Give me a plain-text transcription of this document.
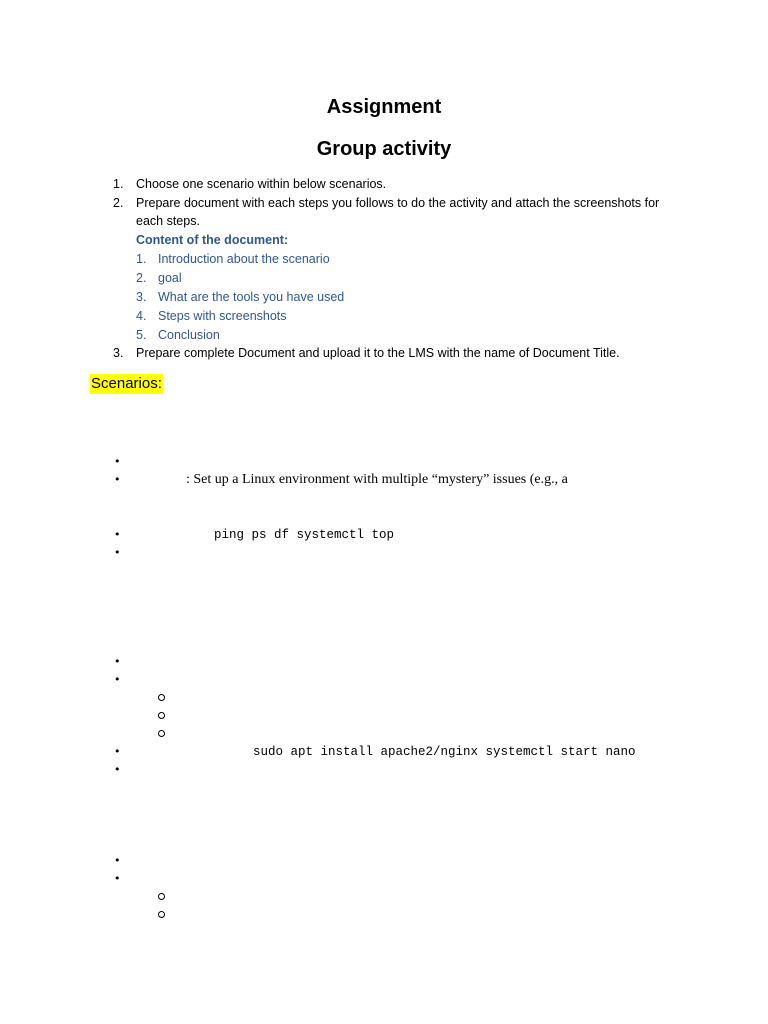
Assignment
Group activity
1.	Choose one scenario within below scenarios.
2.	Prepare document with each steps you follows to do the activity and attach the screenshots for
each steps.
Content of the document:
1. Introduction about the scenario
2. goal
3. What are the tools you have used
4. Steps with screenshots
5. Conclusion
3.	Prepare complete Document and upload it to the LMS with the name of Document Title.
Scenarios:
•
•	: Set up a Linux environment with multiple “mystery” issues (e.g., a
•	ping ps df systemctl top
•
•
•
•	sudo apt install apache2/nginx systemctl start nano
•
•
•
